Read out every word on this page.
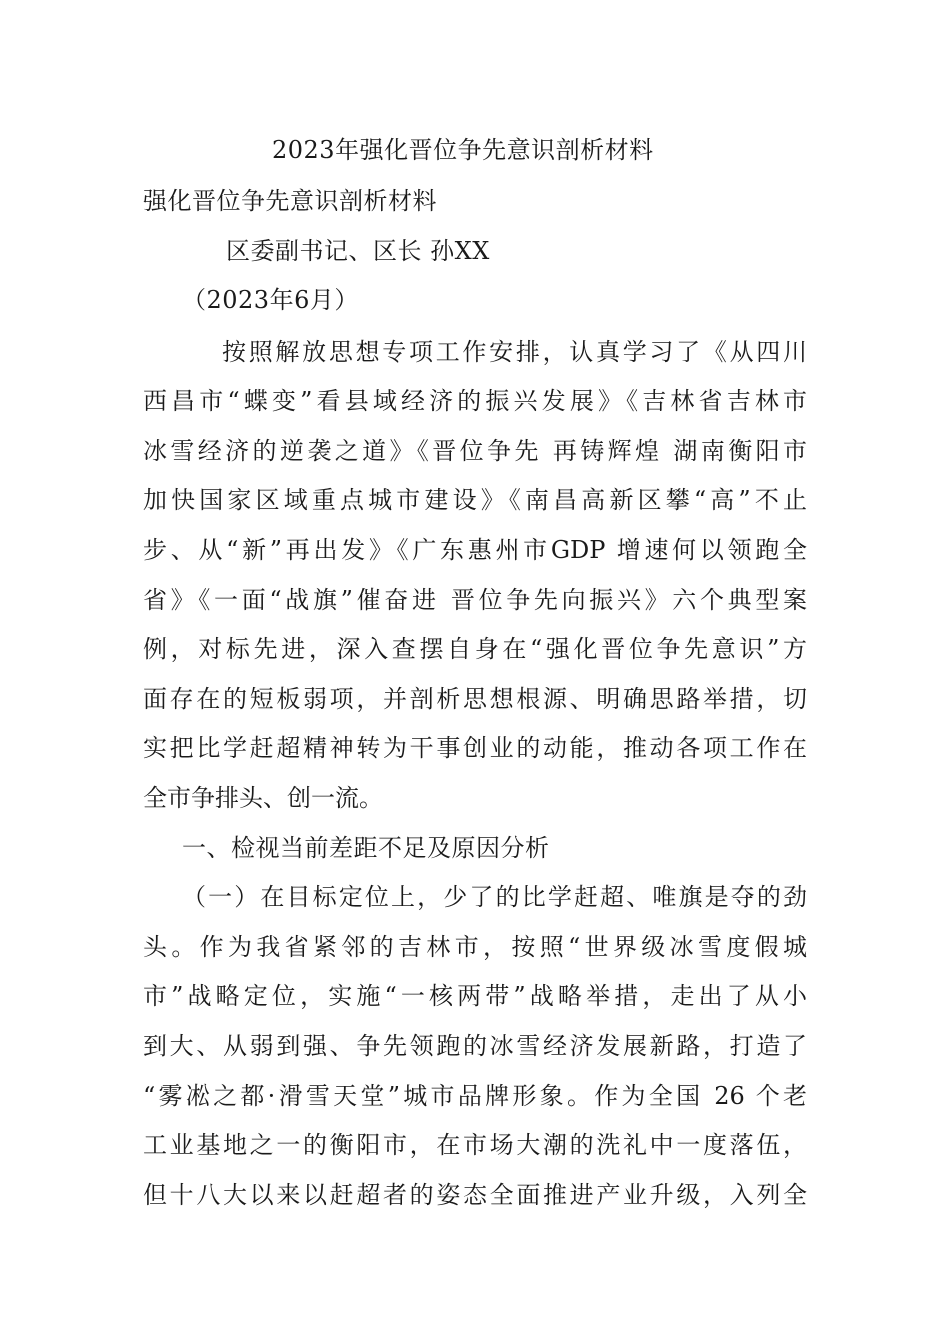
2023年强化晋位争先意识剖析材料
强化晋位争先意识剖析材料
区委副书记、区长 孙XX
（2023年6月）
按照解放思想专项工作安排，认真学习了《从四川
西昌市“蝶变”看县域经济的振兴发展》《吉林省吉林市
冰雪经济的逆袭之道》《晋位争先 再铸辉煌 湖南衡阳市
加快国家区域重点城市建设》《南昌高新区攀“高”不止
步、从“新”再出发》《广东惠州市GDP 增速何以领跑全
省》《一面“战旗”催奋进 晋位争先向振兴》六个典型案
例，对标先进，深入查摆自身在“强化晋位争先意识”方
面存在的短板弱项，并剖析思想根源、明确思路举措，切
实把比学赶超精神转为干事创业的动能，推动各项工作在
全市争排头、创一流。
一、检视当前差距不足及原因分析
（一）在目标定位上，少了的比学赶超、唯旗是夺的劲
头。作为我省紧邻的吉林市，按照“世界级冰雪度假城
市”战略定位，实施“一核两带”战略举措，走出了从小
到大、从弱到强、争先领跑的冰雪经济发展新路，打造了
“雾凇之都·滑雪天堂”城市品牌形象。作为全国 26 个老
工业基地之一的衡阳市，在市场大潮的洗礼中一度落伍，
但十八大以来以赶超者的姿态全面推进产业升级，入列全
